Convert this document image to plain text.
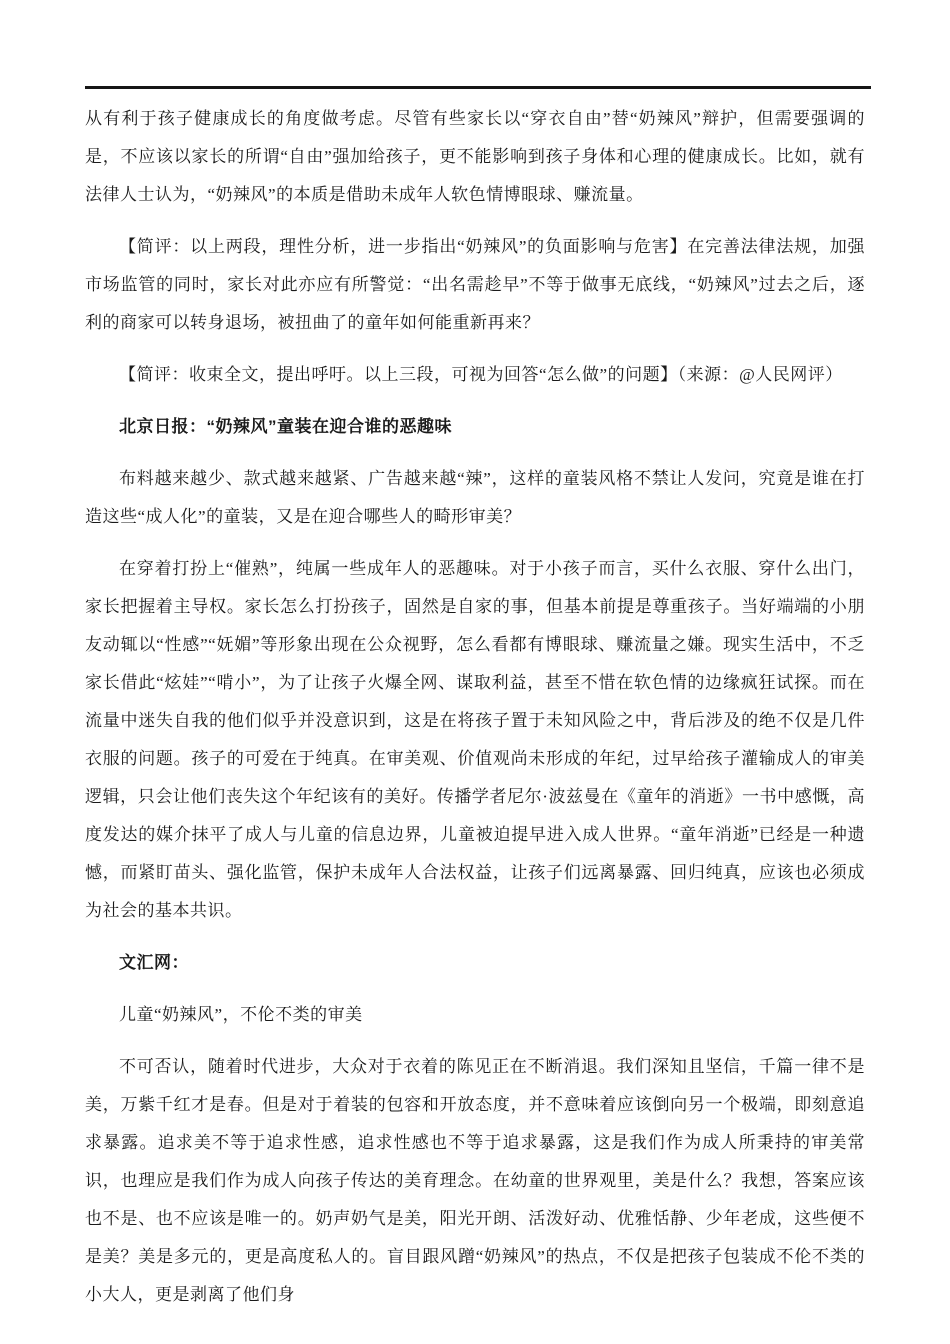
从有利于孩子健康成长的角度做考虑。尽管有些家长以“穿衣自由”替“奶辣风”辩护，但需要强调的是，不应该以家长的所谓“自由”强加给孩子，更不能影响到孩子身体和心理的健康成长。比如，就有法律人士认为，“奶辣风”的本质是借助未成年人软色情博眼球、赚流量。

【简评：以上两段，理性分析，进一步指出“奶辣风”的负面影响与危害】在完善法律法规，加强市场监管的同时，家长对此亦应有所警觉：“出名需趁早”不等于做事无底线，“奶辣风”过去之后，逐利的商家可以转身退场，被扭曲了的童年如何能重新再来？

【简评：收束全文，提出呼吁。以上三段，可视为回答“怎么做”的问题】（来源：@人民网评）

北京日报：“奶辣风”童装在迎合谁的恶趣味

布料越来越少、款式越来越紧、广告越来越“辣”，这样的童装风格不禁让人发问，究竟是谁在打造这些“成人化”的童装，又是在迎合哪些人的畸形审美？

在穿着打扮上“催熟”，纯属一些成年人的恶趣味。对于小孩子而言，买什么衣服、穿什么出门，家长把握着主导权。家长怎么打扮孩子，固然是自家的事，但基本前提是尊重孩子。当好端端的小朋友动辄以“性感”“妩媚”等形象出现在公众视野，怎么看都有博眼球、赚流量之嫌。现实生活中，不乏家长借此“炫娃”“啃小”，为了让孩子火爆全网、谋取利益，甚至不惜在软色情的边缘疯狂试探。而在流量中迷失自我的他们似乎并没意识到，这是在将孩子置于未知风险之中，背后涉及的绝不仅是几件衣服的问题。孩子的可爱在于纯真。在审美观、价值观尚未形成的年纪，过早给孩子灌输成人的审美逻辑，只会让他们丧失这个年纪该有的美好。传播学者尼尔·波兹曼在《童年的消逝》一书中感慨，高度发达的媒介抹平了成人与儿童的信息边界，儿童被迫提早进入成人世界。“童年消逝”已经是一种遗憾，而紧盯苗头、强化监管，保护未成年人合法权益，让孩子们远离暴露、回归纯真，应该也必须成为社会的基本共识。

文汇网：

儿童“奶辣风”，不伦不类的审美

不可否认，随着时代进步，大众对于衣着的陈见正在不断消退。我们深知且坚信，千篇一律不是美，万紫千红才是春。但是对于着装的包容和开放态度，并不意味着应该倒向另一个极端，即刻意追求暴露。追求美不等于追求性感，追求性感也不等于追求暴露，这是我们作为成人所秉持的审美常识，也理应是我们作为成人向孩子传达的美育理念。在幼童的世界观里，美是什么？我想，答案应该也不是、也不应该是唯一的。奶声奶气是美，阳光开朗、活泼好动、优雅恬静、少年老成，这些便不是美？美是多元的，更是高度私人的。盲目跟风蹭“奶辣风”的热点，不仅是把孩子包装成不伦不类的小大人，更是剥离了他们身
